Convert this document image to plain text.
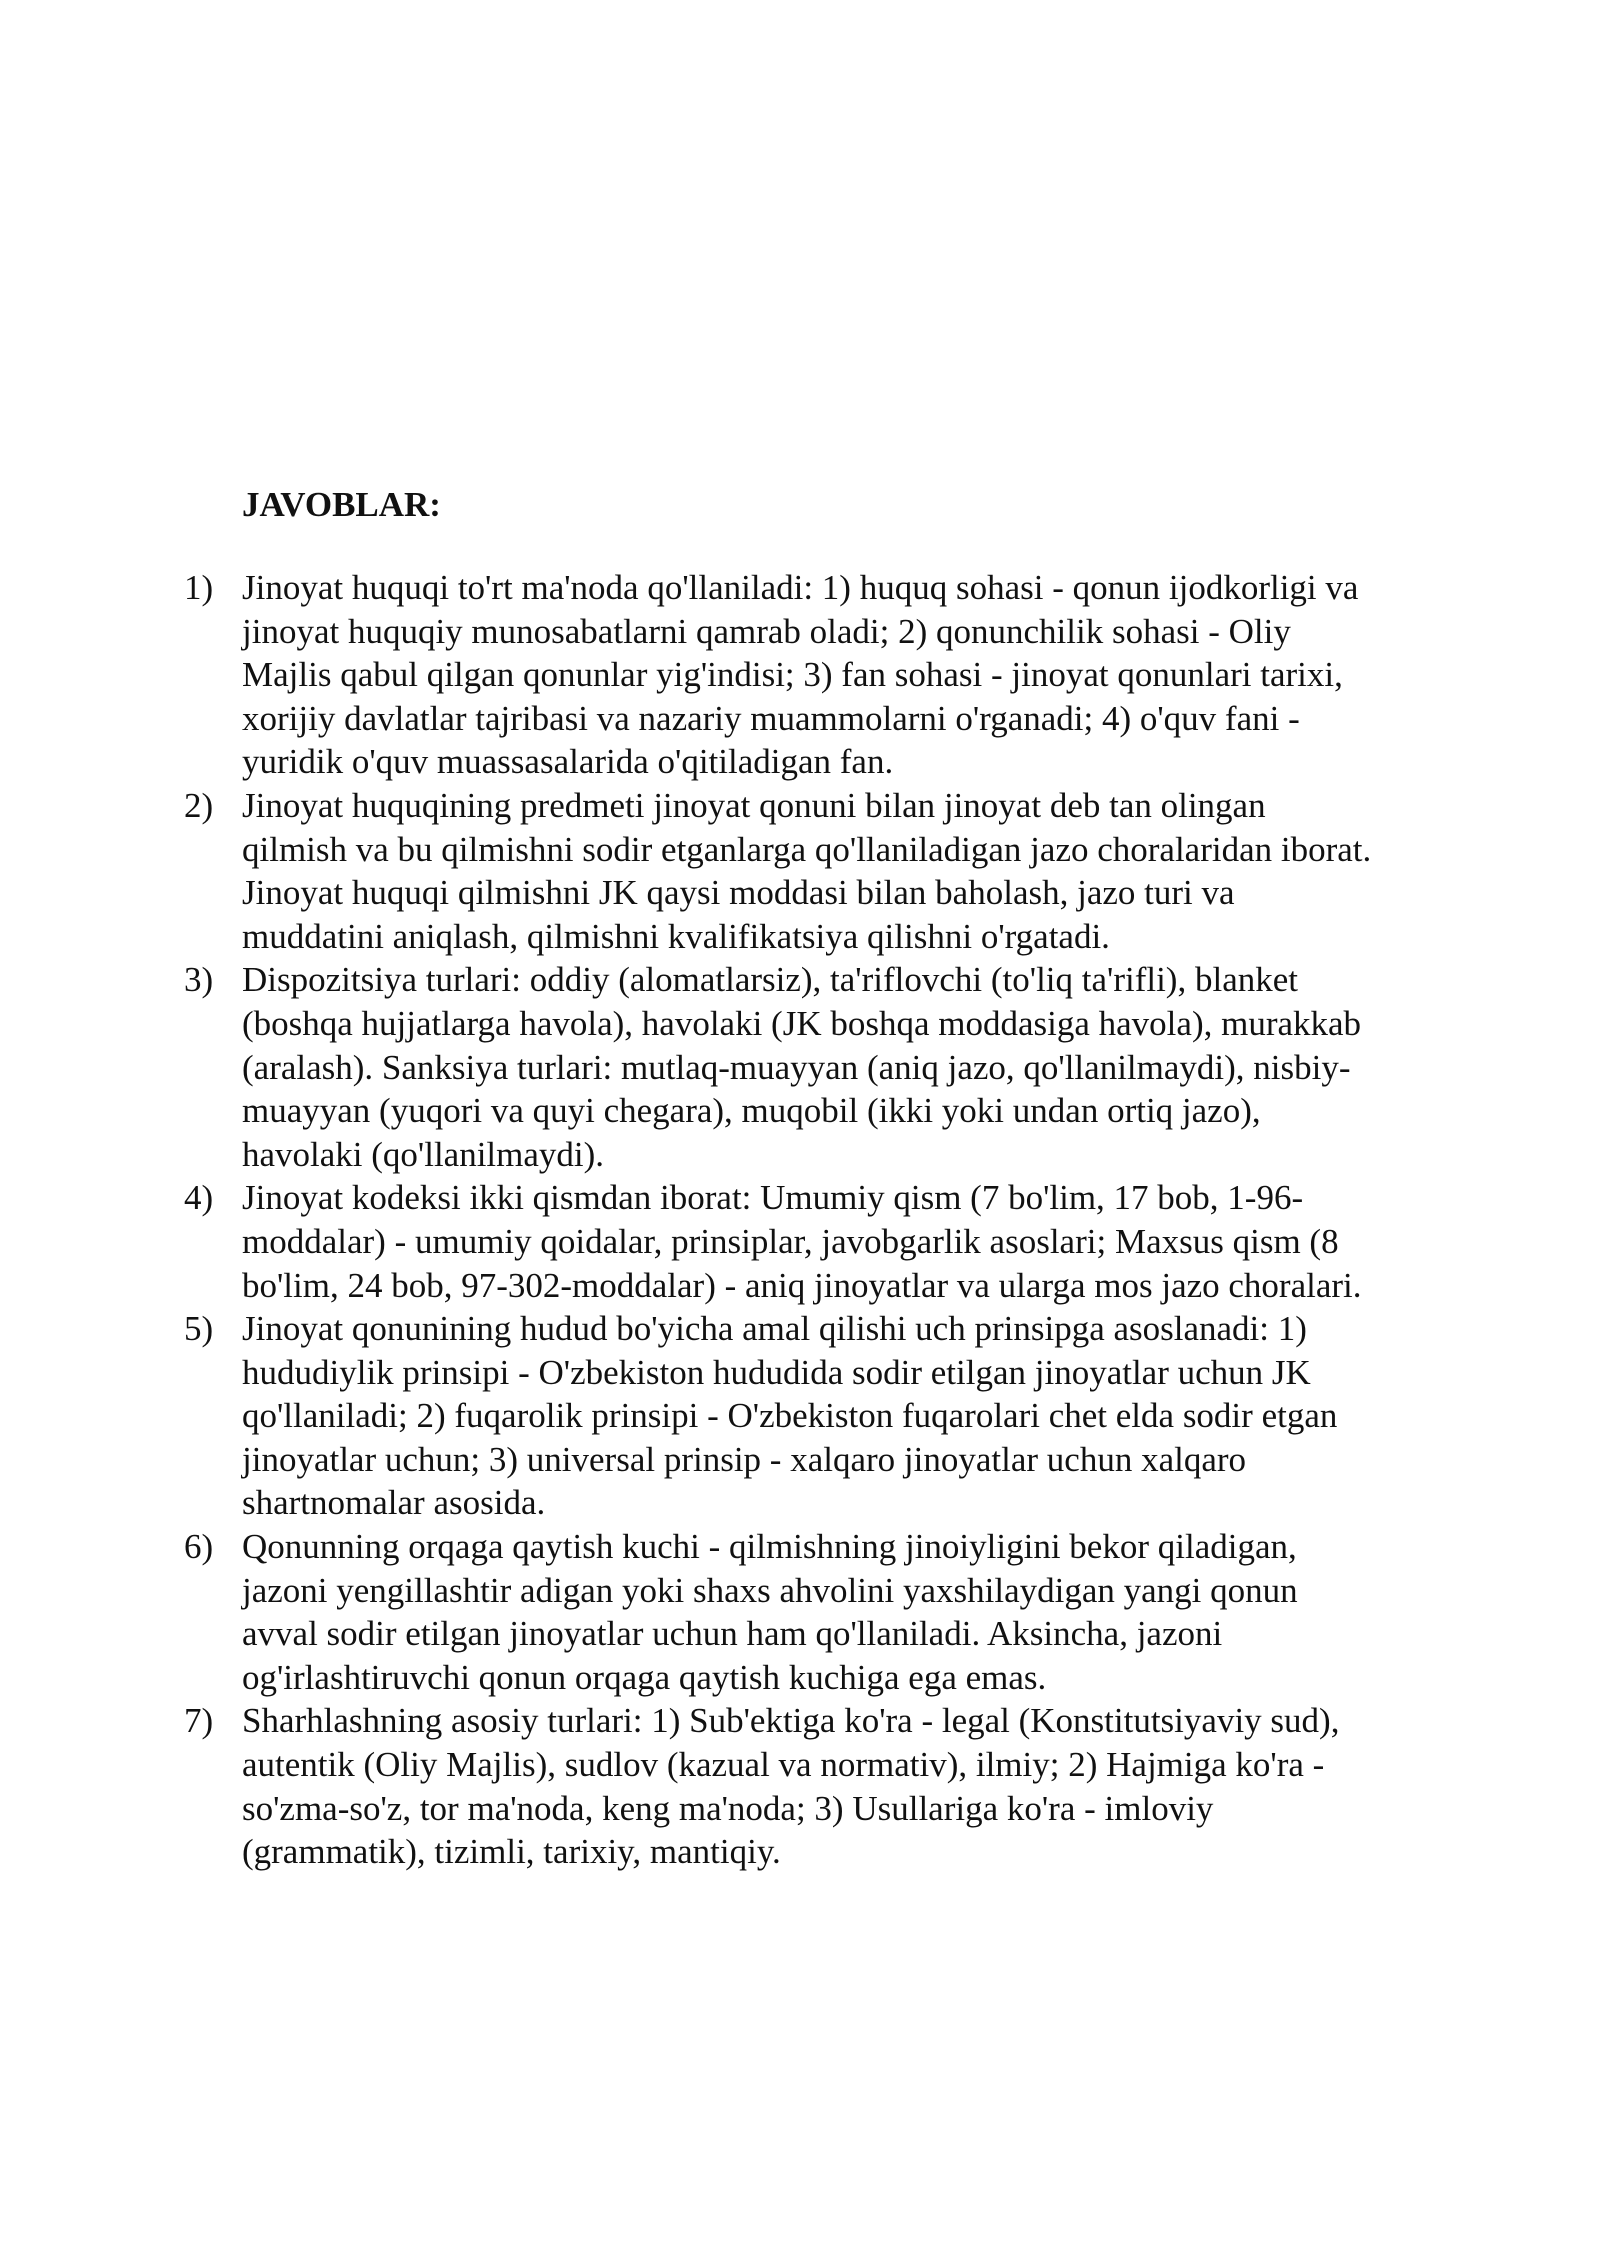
JAVOBLAR:
1) Jinoyat huquqi to'rt ma'noda qo'llaniladi: 1) huquq sohasi - qonun ijodkorligi va jinoyat huquqiy munosabatlarni qamrab oladi; 2) qonunchilik sohasi - Oliy Majlis qabul qilgan qonunlar yig'indisi; 3) fan sohasi - jinoyat qonunlari tarixi, xorijiy davlatlar tajribasi va nazariy muammolarni o'rganadi; 4) o'quv fani - yuridik o'quv muassasalarida o'qitiladigan fan.
2) Jinoyat huquqining predmeti jinoyat qonuni bilan jinoyat deb tan olingan qilmish va bu qilmishni sodir etganlarga qo'llaniladigan jazo choralaridan iborat. Jinoyat huquqi qilmishni JK qaysi moddasi bilan baholash, jazo turi va muddatini aniqlash, qilmishni kvalifikatsiya qilishni o'rgatadi.
3) Dispozitsiya turlari: oddiy (alomatlarsiz), ta'riflovchi (to'liq ta'rifli), blanket (boshqa hujjatlarga havola), havolaki (JK boshqa moddasiga havola), murakkab (aralash). Sanksiya turlari: mutlaq-muayyan (aniq jazo, qo'llanilmaydi), nisbiy-muayyan (yuqori va quyi chegara), muqobil (ikki yoki undan ortiq jazo), havolaki (qo'llanilmaydi).
4) Jinoyat kodeksi ikki qismdan iborat: Umumiy qism (7 bo'lim, 17 bob, 1-96-moddalar) - umumiy qoidalar, prinsiplar, javobgarlik asoslari; Maxsus qism (8 bo'lim, 24 bob, 97-302-moddalar) - aniq jinoyatlar va ularga mos jazo choralari.
5) Jinoyat qonunining hudud bo'yicha amal qilishi uch prinsipga asoslanadi: 1) hududiylik prinsipi - O'zbekiston hududida sodir etilgan jinoyatlar uchun JK qo'llaniladi; 2) fuqarolik prinsipi - O'zbekiston fuqarolari chet elda sodir etgan jinoyatlar uchun; 3) universal prinsip - xalqaro jinoyatlar uchun xalqaro shartnomalar asosida.
6) Qonunning orqaga qaytish kuchi - qilmishning jinoiyligini bekor qiladigan, jazoni yengillashtir adigan yoki shaxs ahvolini yaxshilaydigan yangi qonun avval sodir etilgan jinoyatlar uchun ham qo'llaniladi. Aksincha, jazoni og'irlashtiruvchi qonun orqaga qaytish kuchiga ega emas.
7) Sharhlashning asosiy turlari: 1) Sub'ektiga ko'ra - legal (Konstitutsiyaviy sud), autentik (Oliy Majlis), sudlov (kazual va normativ), ilmiy; 2) Hajmiga ko'ra - so'zma-so'z, tor ma'noda, keng ma'noda; 3) Usullariga ko'ra - imloviy (grammatik), tizimli, tarixiy, mantiqiy.
